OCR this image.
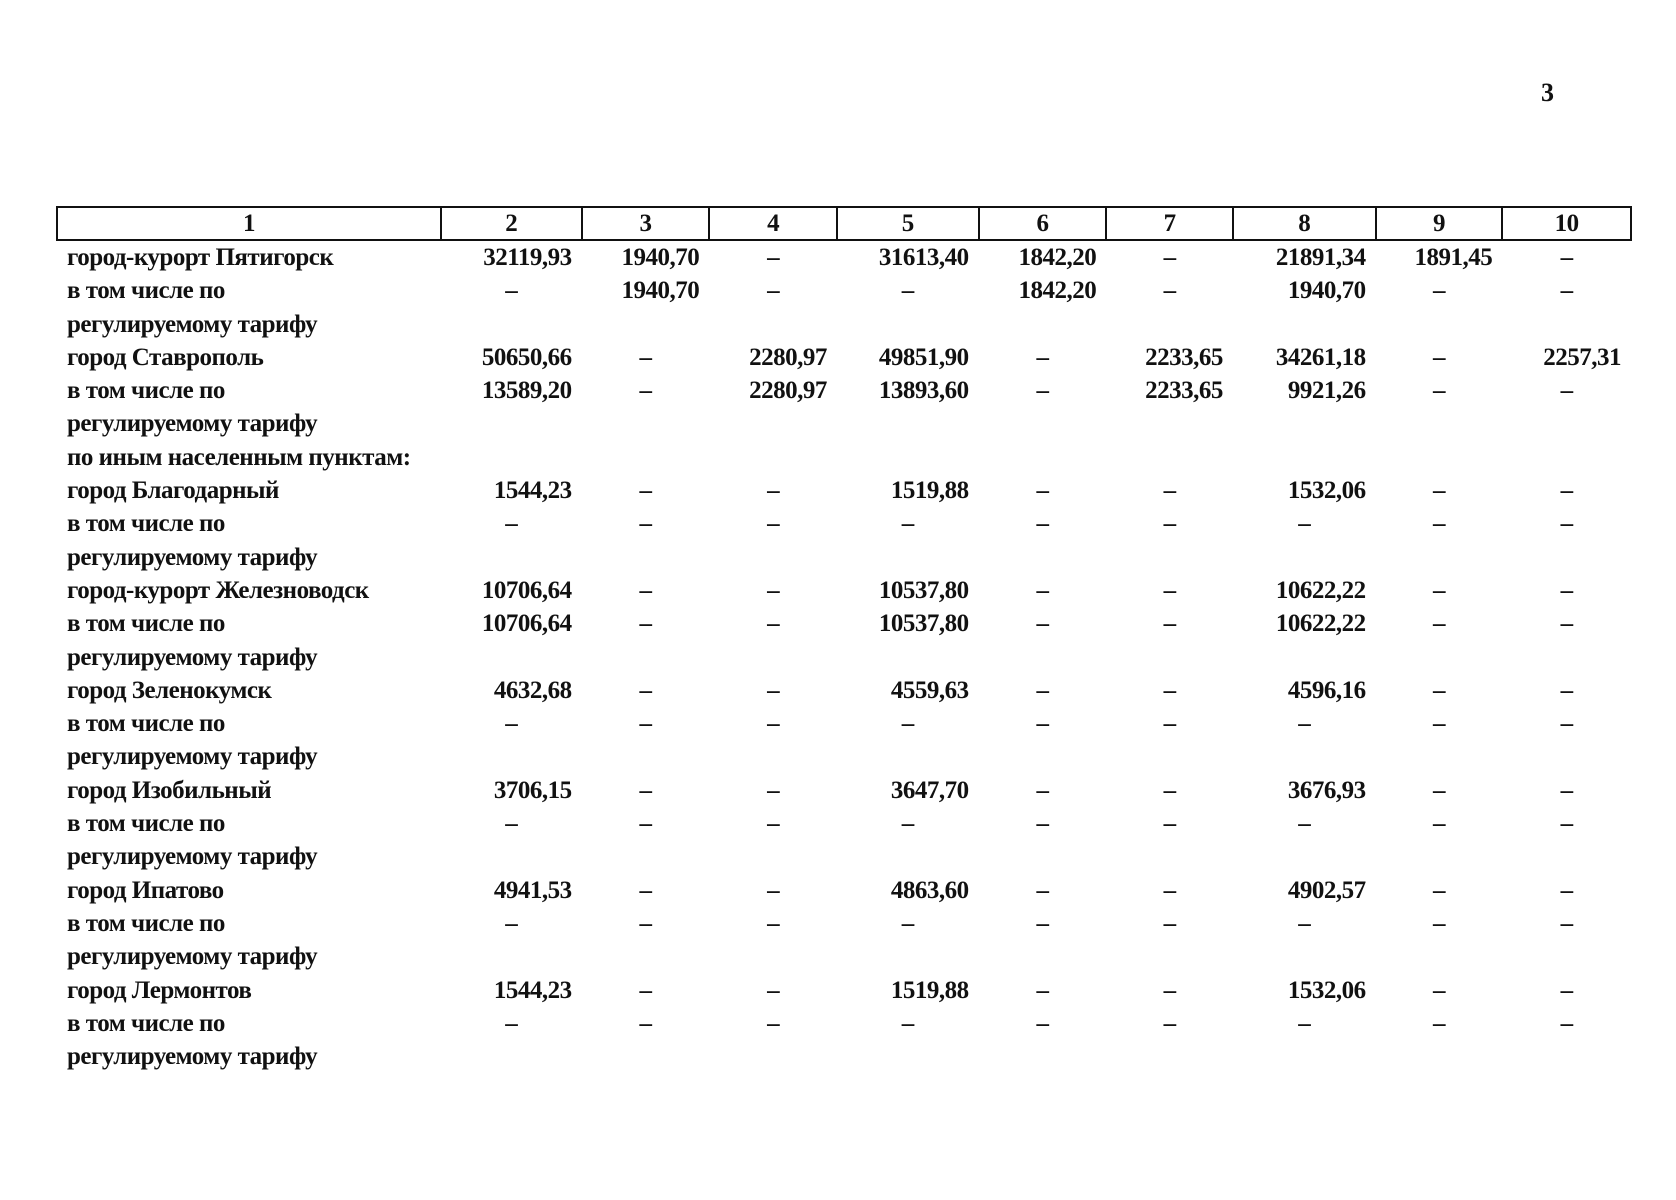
3
1	2	3	4	5	6	7	8	9	10
город-курорт Пятигорск	32119,93	1940,70	–	31613,40	1842,20	–	21891,34	1891,45	–
в том числе по	–	1940,70	–	–	1842,20	–	1940,70	–	–
регулируемому тарифу									
город Ставрополь	50650,66	–	2280,97	49851,90	–	2233,65	34261,18	–	2257,31
в том числе по	13589,20	–	2280,97	13893,60	–	2233,65	9921,26	–	–
регулируемому тарифу									
по иным населенным пунктам:									
город Благодарный	1544,23	–	–	1519,88	–	–	1532,06	–	–
в том числе по	–	–	–	–	–	–	–	–	–
регулируемому тарифу									
город-курорт Железноводск	10706,64	–	–	10537,80	–	–	10622,22	–	–
в том числе по	10706,64	–	–	10537,80	–	–	10622,22	–	–
регулируемому тарифу									
город Зеленокумск	4632,68	–	–	4559,63	–	–	4596,16	–	–
в том числе по	–	–	–	–	–	–	–	–	–
регулируемому тарифу									
город Изобильный	3706,15	–	–	3647,70	–	–	3676,93	–	–
в том числе по	–	–	–	–	–	–	–	–	–
регулируемому тарифу									
город Ипатово	4941,53	–	–	4863,60	–	–	4902,57	–	–
в том числе по	–	–	–	–	–	–	–	–	–
регулируемому тарифу									
город Лермонтов	1544,23	–	–	1519,88	–	–	1532,06	–	–
в том числе по	–	–	–	–	–	–	–	–	–
регулируемому тарифу									
